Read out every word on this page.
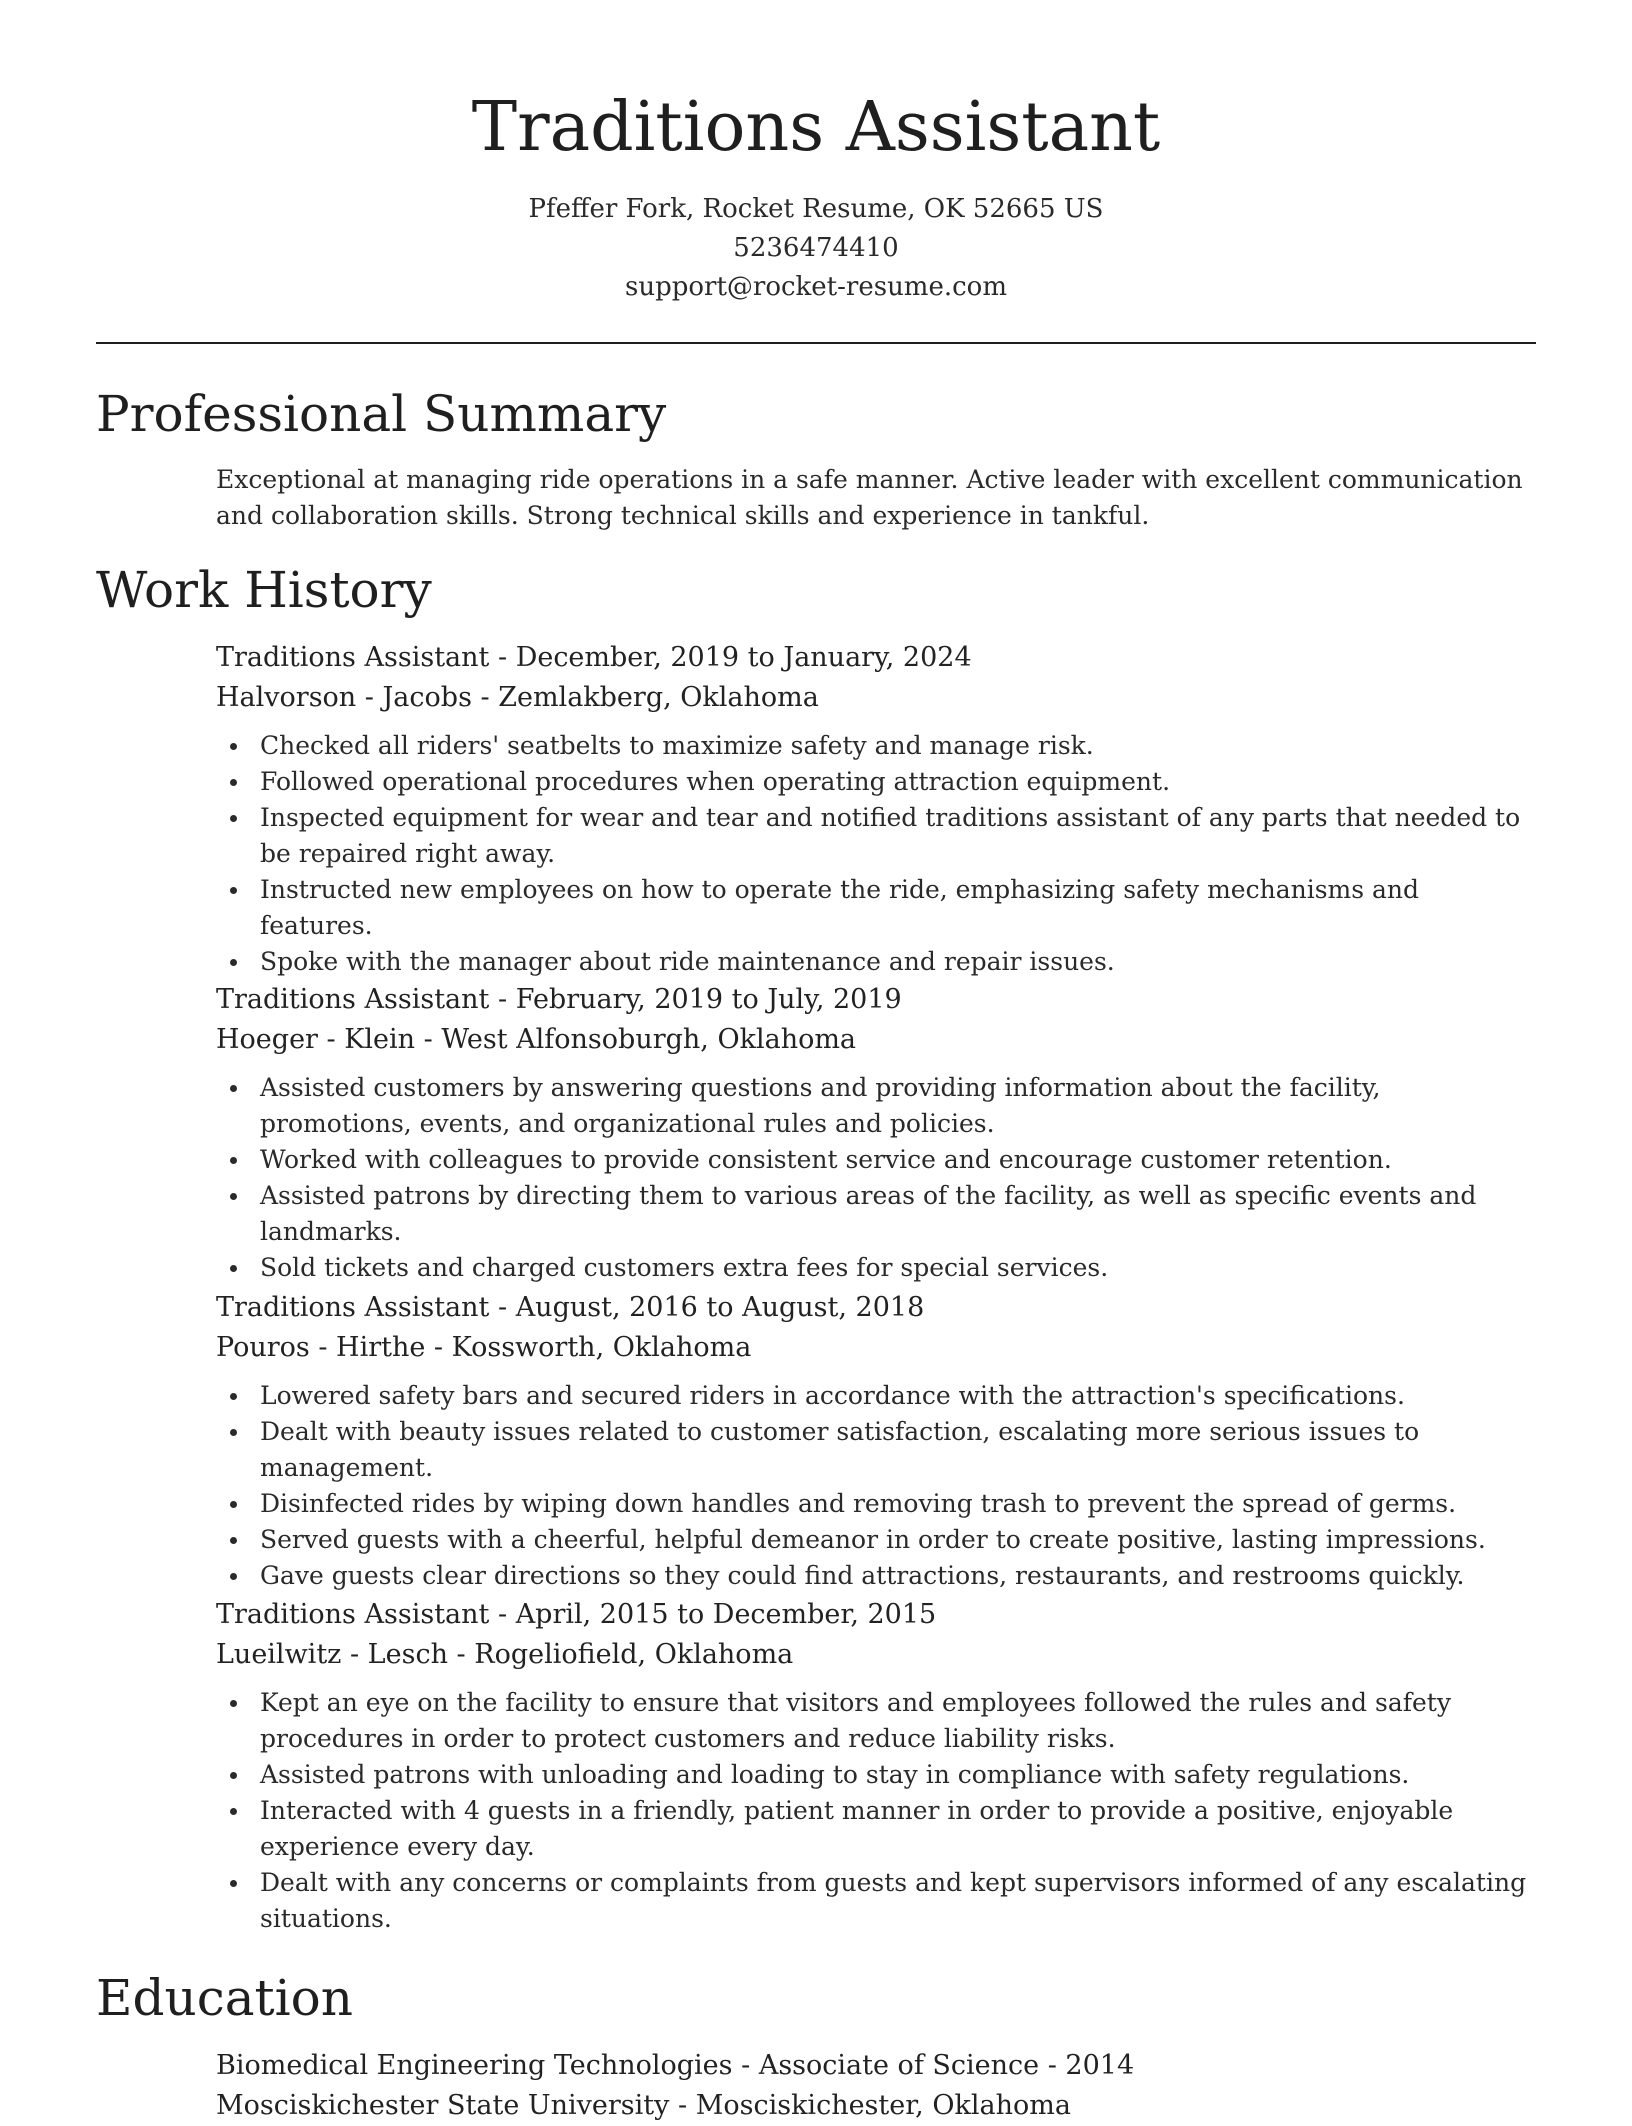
Traditions Assistant
Pfeffer Fork, Rocket Resume, OK 52665 US
5236474410
support@rocket-resume.com
Professional Summary

Exceptional at managing ride operations in a safe manner. Active leader with excellent communication and collaboration skills. Strong technical skills and experience in tankful.

Work History
Traditions Assistant - December, 2019 to January, 2024
Halvorson - Jacobs - Zemlakberg, Oklahoma
Checked all riders' seatbelts to maximize safety and manage risk.
Followed operational procedures when operating attraction equipment.
Inspected equipment for wear and tear and notified traditions assistant of any parts that needed to be repaired right away.
Instructed new employees on how to operate the ride, emphasizing safety mechanisms and features.
Spoke with the manager about ride maintenance and repair issues.
Traditions Assistant - February, 2019 to July, 2019
Hoeger - Klein - West Alfonsoburgh, Oklahoma
Assisted customers by answering questions and providing information about the facility, promotions, events, and organizational rules and policies.
Worked with colleagues to provide consistent service and encourage customer retention.
Assisted patrons by directing them to various areas of the facility, as well as specific events and landmarks.
Sold tickets and charged customers extra fees for special services.
Traditions Assistant - August, 2016 to August, 2018
Pouros - Hirthe - Kossworth, Oklahoma
Lowered safety bars and secured riders in accordance with the attraction's specifications.
Dealt with beauty issues related to customer satisfaction, escalating more serious issues to management.
Disinfected rides by wiping down handles and removing trash to prevent the spread of germs.
Served guests with a cheerful, helpful demeanor in order to create positive, lasting impressions.
Gave guests clear directions so they could find attractions, restaurants, and restrooms quickly.
Traditions Assistant - April, 2015 to December, 2015
Lueilwitz - Lesch - Rogeliofield, Oklahoma
Kept an eye on the facility to ensure that visitors and employees followed the rules and safety procedures in order to protect customers and reduce liability risks.
Assisted patrons with unloading and loading to stay in compliance with safety regulations.
Interacted with 4 guests in a friendly, patient manner in order to provide a positive, enjoyable experience every day.
Dealt with any concerns or complaints from guests and kept supervisors informed of any escalating situations.
Education
Biomedical Engineering Technologies - Associate of Science - 2014
Mosciskichester State University - Mosciskichester, Oklahoma
